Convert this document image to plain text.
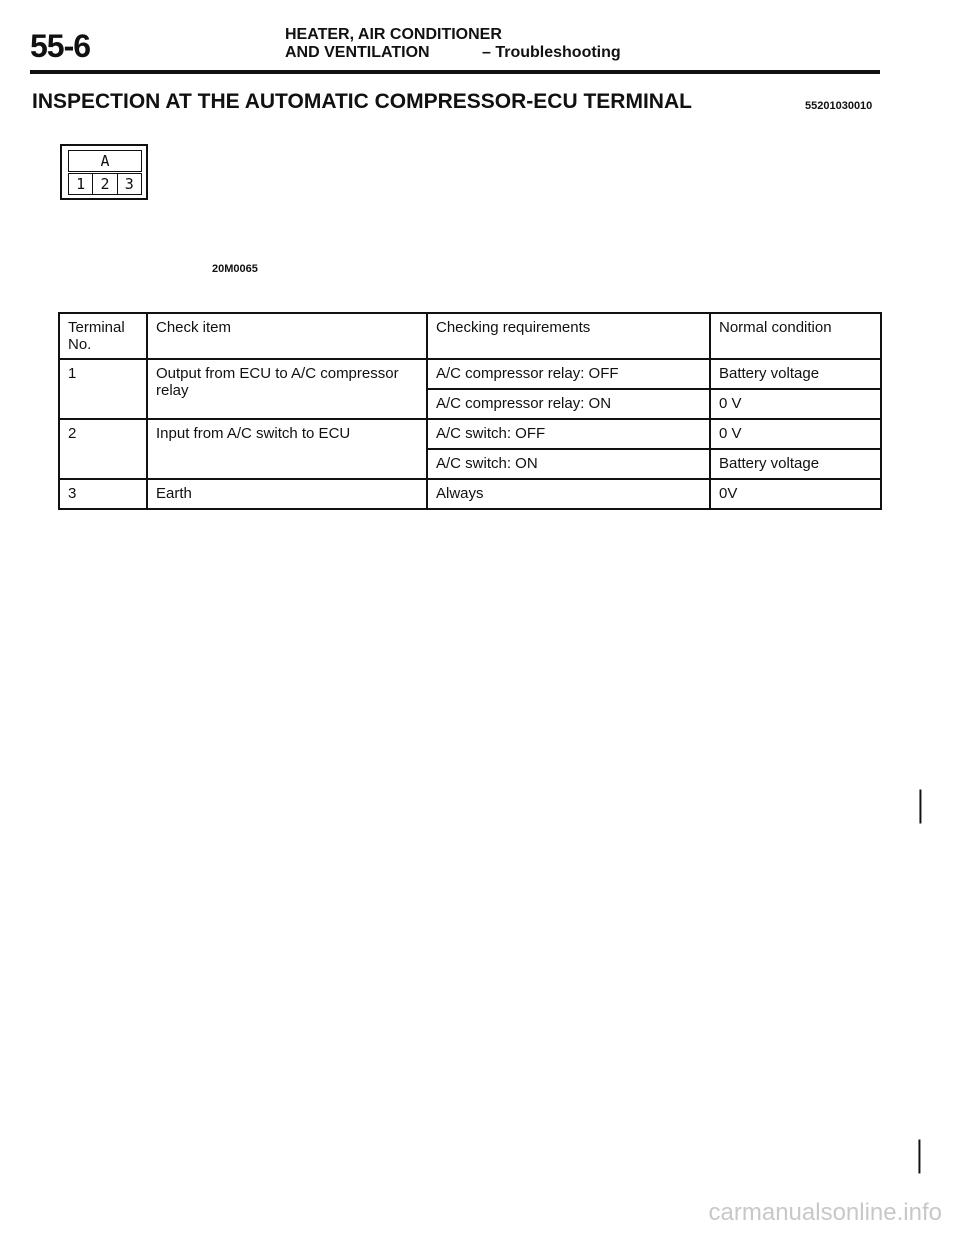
55-6	HEATER, AIR CONDITIONER
AND VENTILATION	– Troubleshooting
INSPECTION AT THE AUTOMATIC COMPRESSOR-ECU TERMINAL	55201030010
A
1	2	3
20M0065
Terminal No.	Check item	Checking requirements	Normal condition
1	Output from ECU to A/C compressor relay	A/C compressor relay: OFF	Battery voltage
		A/C compressor relay: ON	0 V
2	Input from A/C switch to ECU	A/C switch: OFF	0 V
		A/C switch: ON	Battery voltage
3	Earth	Always	0V
│
│
carmanualsonline.info
